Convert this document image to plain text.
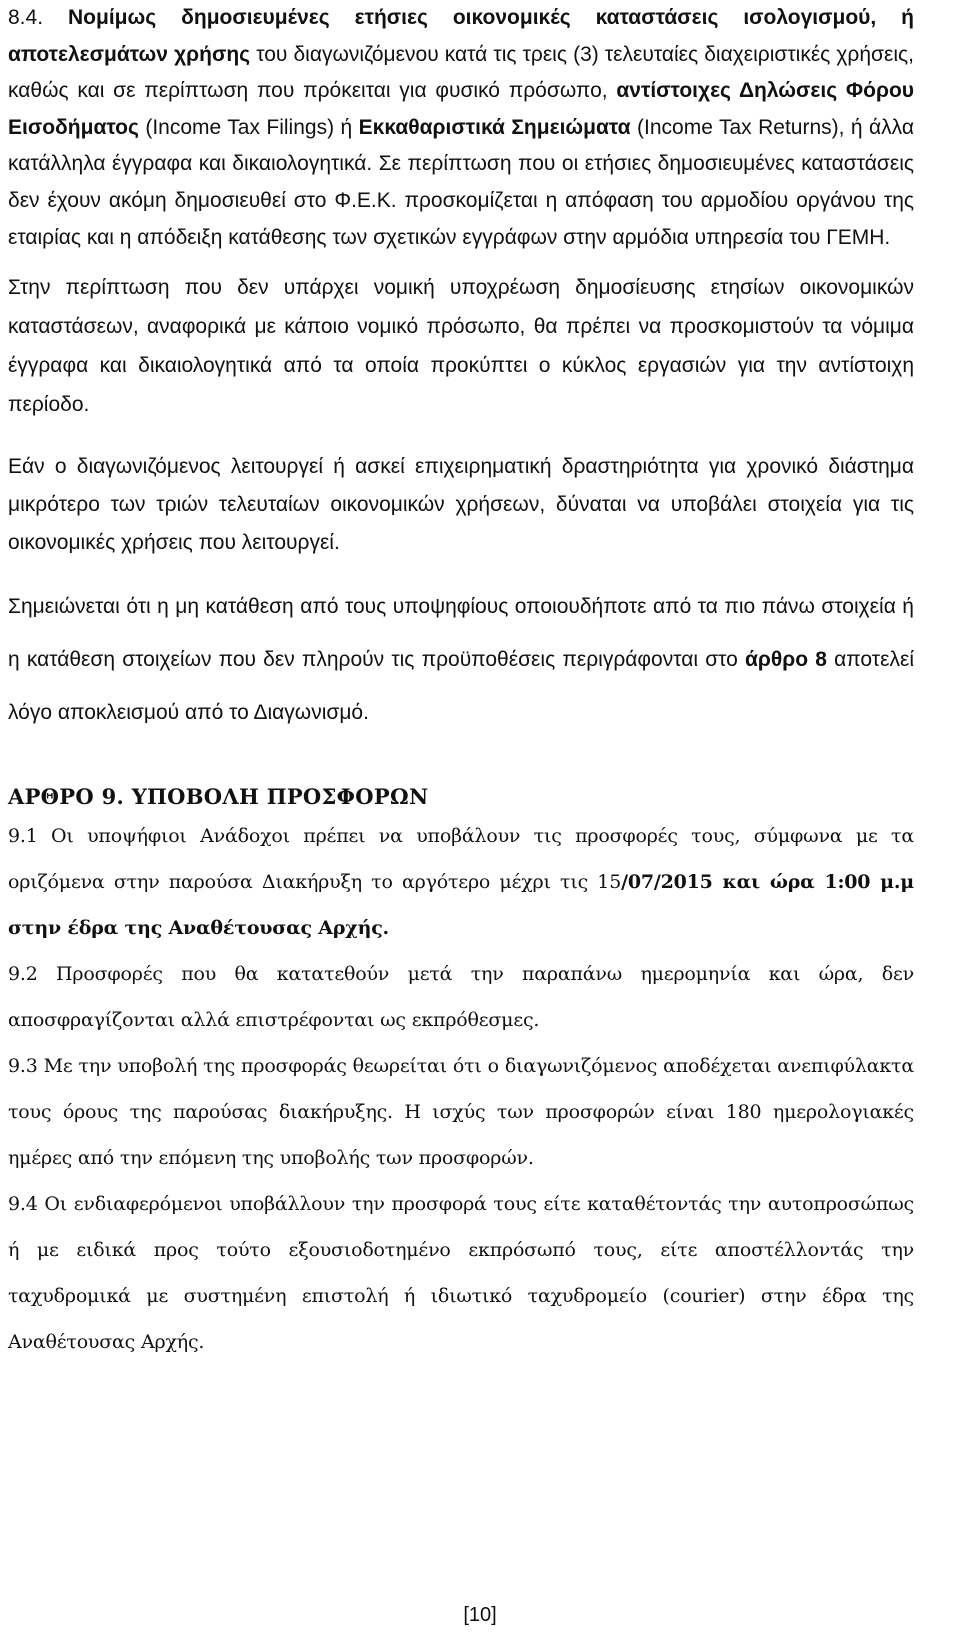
8.4. Νομίμως δημοσιευμένες ετήσιες οικονομικές καταστάσεις ισολογισμού, ή αποτελεσμάτων χρήσης του διαγωνιζόμενου κατά τις τρεις (3) τελευταίες διαχειριστικές χρήσεις, καθώς και σε περίπτωση που πρόκειται για φυσικό πρόσωπο, αντίστοιχες Δηλώσεις Φόρου Εισοδήματος (Income Tax Filings) ή Εκκαθαριστικά Σημειώματα (Income Tax Returns), ή άλλα κατάλληλα έγγραφα και δικαιολογητικά. Σε περίπτωση που οι ετήσιες δημοσιευμένες καταστάσεις δεν έχουν ακόμη δημοσιευθεί στο Φ.Ε.Κ. προσκομίζεται η απόφαση του αρμοδίου οργάνου της εταιρίας και η απόδειξη κατάθεσης των σχετικών εγγράφων στην αρμόδια υπηρεσία του ΓΕΜΗ.

Στην περίπτωση που δεν υπάρχει νομική υποχρέωση δημοσίευσης ετησίων οικονομικών καταστάσεων, αναφορικά με κάποιο νομικό πρόσωπο, θα πρέπει να προσκομιστούν τα νόμιμα έγγραφα και δικαιολογητικά από τα οποία προκύπτει ο κύκλος εργασιών για την αντίστοιχη περίοδο.

Εάν ο διαγωνιζόμενος λειτουργεί ή ασκεί επιχειρηματική δραστηριότητα για χρονικό διάστημα μικρότερο των τριών τελευταίων οικονομικών χρήσεων, δύναται να υποβάλει στοιχεία για τις οικονομικές χρήσεις που λειτουργεί.

Σημειώνεται ότι η μη κατάθεση από τους υποψηφίους οποιουδήποτε από τα πιο πάνω στοιχεία ή η κατάθεση στοιχείων που δεν πληρούν τις προϋποθέσεις περιγράφονται στο άρθρο 8 αποτελεί λόγο αποκλεισμού από το Διαγωνισμό.

ΑΡΘΡΟ 9. ΥΠΟΒΟΛΗ ΠΡΟΣΦΟΡΩΝ

9.1 Οι υποψήφιοι Ανάδοχοι πρέπει να υποβάλουν τις προσφορές τους, σύμφωνα με τα οριζόμενα στην παρούσα Διακήρυξη το αργότερο μέχρι τις 15/07/2015 και ώρα 1:00 μ.μ στην έδρα της Αναθέτουσας Αρχής.

9.2 Προσφορές που θα κατατεθούν μετά την παραπάνω ημερομηνία και ώρα, δεν αποσφραγίζονται αλλά επιστρέφονται ως εκπρόθεσμες.

9.3 Με την υποβολή της προσφοράς θεωρείται ότι ο διαγωνιζόμενος αποδέχεται ανεπιφύλακτα τους όρους της παρούσας διακήρυξης. Η ισχύς των προσφορών είναι 180 ημερολογιακές ημέρες από την επόμενη της υποβολής των προσφορών.

9.4 Οι ενδιαφερόμενοι υποβάλλουν την προσφορά τους είτε καταθέτοντάς την αυτοπροσώπως ή με ειδικά προς τούτο εξουσιοδοτημένο εκπρόσωπό τους, είτε αποστέλλοντάς την ταχυδρομικά με συστημένη επιστολή ή ιδιωτικό ταχυδρομείο (courier) στην έδρα της Αναθέτουσας Αρχής.

[10]
